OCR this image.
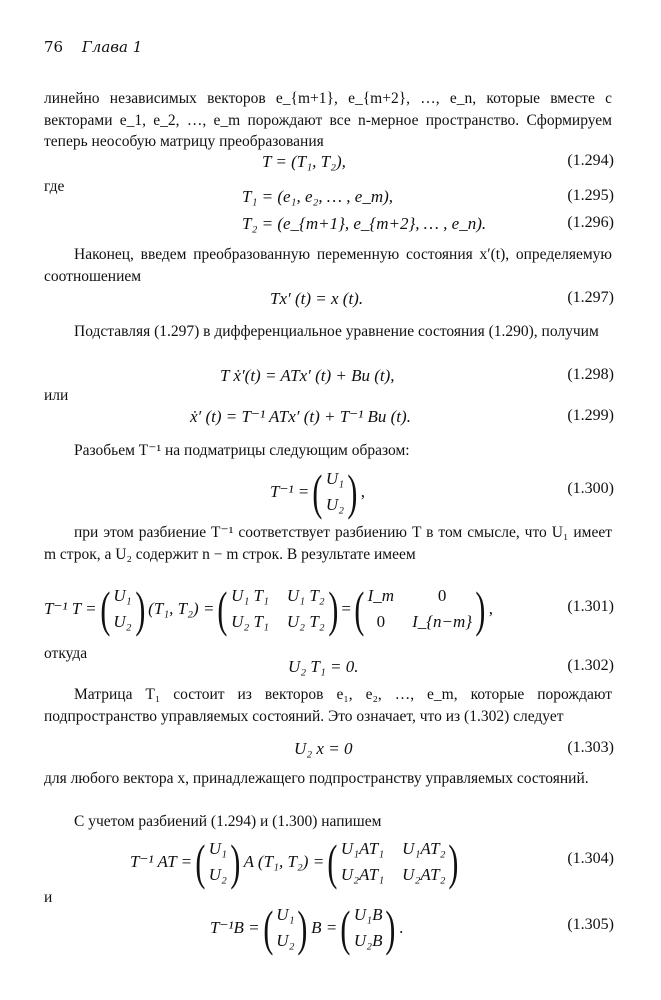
76 Глава 1
линейно независимых векторов e_{m+1}, e_{m+2}, …, e_n, которые вместе с векторами e_1, e_2, …, e_m порождают все n-мерное пространство. Сформируем теперь неособую матрицу преобразования
T = (T₁, T₂),	(1.294)
где
T₁ = (e₁, e₂, … , e_m),	(1.295)
T₂ = (e_{m+1}, e_{m+2}, … , e_n).	(1.296)
Наконец, введем преобразованную переменную состояния x′(t), определяемую соотношением
Tx′ (t) = x (t).	(1.297)
Подставляя (1.297) в дифференциальное уравнение состояния (1.290), получим
T ẋ′(t) = ATx′ (t) + Bu (t),	(1.298)
или
ẋ′ (t) = T⁻¹ ATx′ (t) + T⁻¹ Bu (t).	(1.299)
Разобьем T⁻¹ на подматрицы следующим образом:
T⁻¹ = ( U₁
U₂ ) ,	(1.300)
при этом разбиение T⁻¹ соответствует разбиению T в том смысле, что U₁ имеет m строк, а U₂ содержит n − m строк. В результате имеем
T⁻¹ T = ( U₁
U₂ ) (T₁, T₂) = ( U₁ T₁ U₁ T₂
U₂ T₁ U₂ T₂ ) = ( I_m	0
0	I_{n−m} ) ,	(1.301)
откуда
U₂ T₁ = 0.	(1.302)
Матрица T₁ состоит из векторов e₁, e₂, …, e_m, которые порождают подпространство управляемых состояний. Это означает, что из (1.302) следует
U₂ x = 0	(1.303)
для любого вектора x, принадлежащего подпространству управляемых состояний.
С учетом разбиений (1.294) и (1.300) напишем
T⁻¹ AT = ( U₁
U₂ ) A (T₁, T₂) = ( U₁AT₁ U₁AT₂
U₂AT₁ U₂AT₂ )	(1.304)
и
T⁻¹B = ( U₁
U₂ ) B = ( U₁B
U₂B ) .	(1.305)
